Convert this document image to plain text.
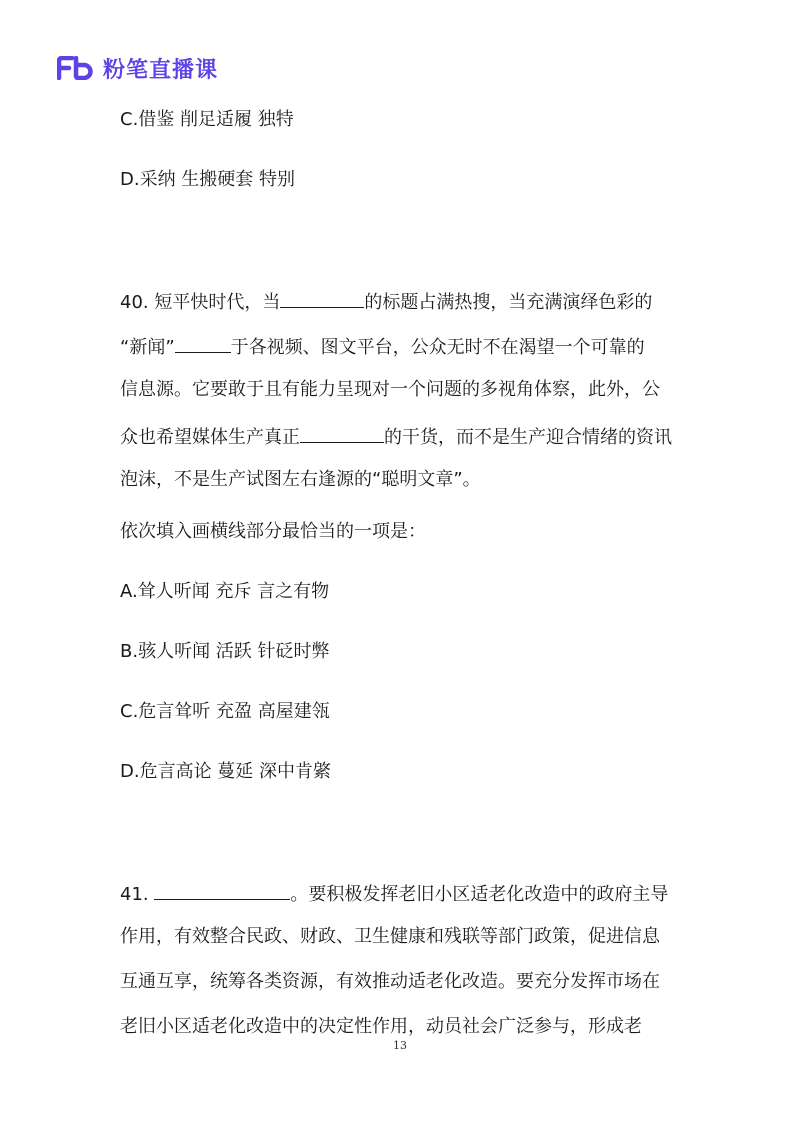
粉笔直播课

C.借鉴 削足适履 独特

D.采纳 生搬硬套 特别

40. 短平快时代，当	的标题占满热搜，当充满演绎色彩的

“新闻”	于各视频、图文平台，公众无时不在渴望一个可靠的

信息源。它要敢于且有能力呈现对一个问题的多视角体察，此外，公

众也希望媒体生产真正	的干货，而不是生产迎合情绪的资讯

泡沫，不是生产试图左右逢源的“聪明文章”。

依次填入画横线部分最恰当的一项是：

A.耸人听闻 充斥 言之有物

B.骇人听闻 活跃 针砭时弊

C.危言耸听 充盈 高屋建瓴

D.危言高论 蔓延 深中肯綮

41.	。要积极发挥老旧小区适老化改造中的政府主导

作用，有效整合民政、财政、卫生健康和残联等部门政策，促进信息

互通互享，统筹各类资源，有效推动适老化改造。要充分发挥市场在

老旧小区适老化改造中的决定性作用，动员社会广泛参与，形成老

13
